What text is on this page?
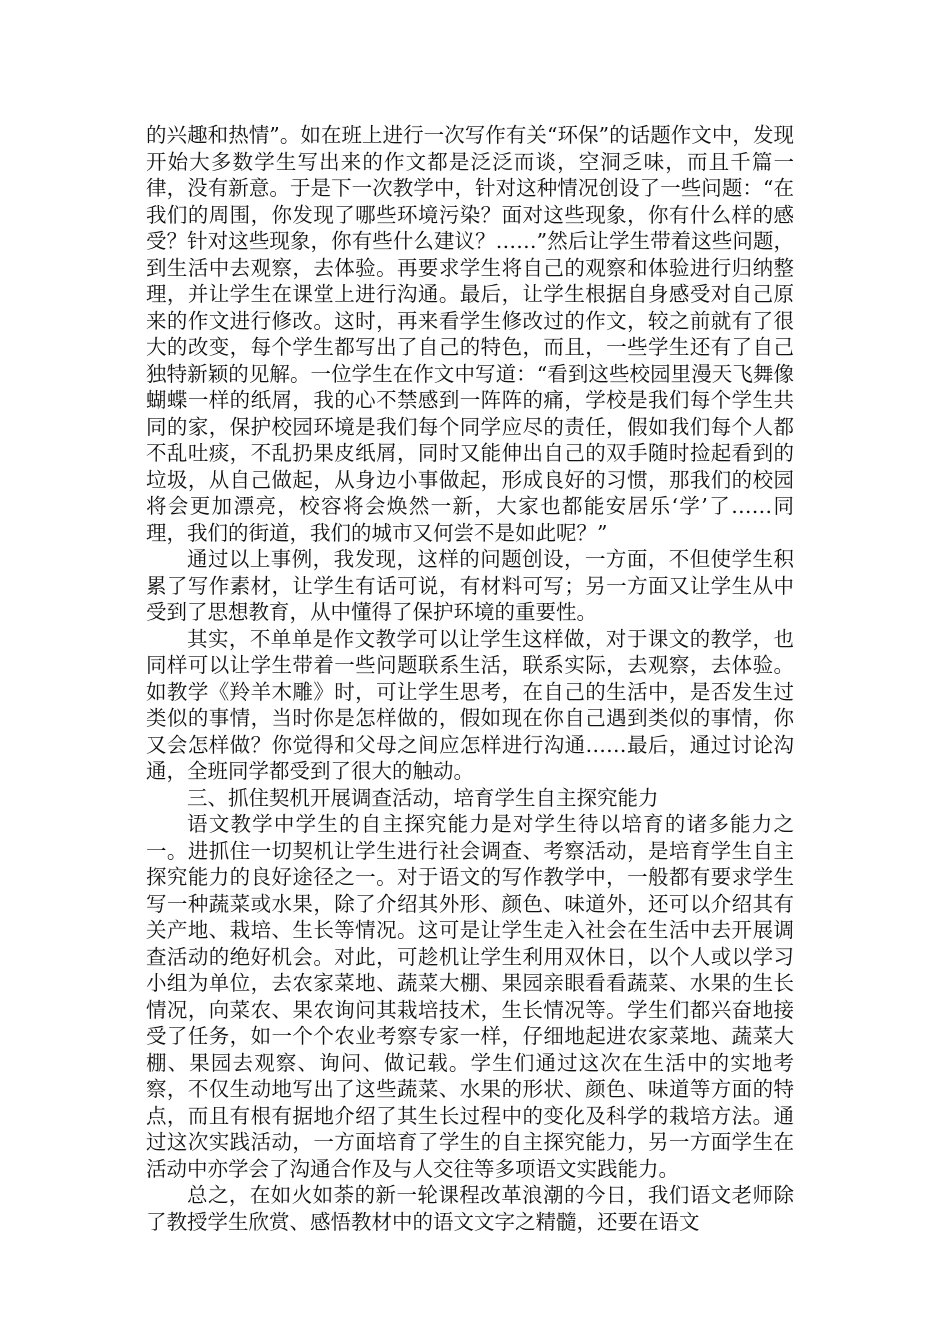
的兴趣和热情”。如在班上进行一次写作有关“环保”的话题作文中，发现开始大多数学生写出来的作文都是泛泛而谈，空洞乏味，而且千篇一律，没有新意。于是下一次教学中，针对这种情况创设了一些问题：“在我们的周围，你发现了哪些环境污染？面对这些现象，你有什么样的感受？针对这些现象，你有些什么建议？……”然后让学生带着这些问题，到生活中去观察，去体验。再要求学生将自己的观察和体验进行归纳整理，并让学生在课堂上进行沟通。最后，让学生根据自身感受对自己原来的作文进行修改。这时，再来看学生修改过的作文，较之前就有了很大的改变，每个学生都写出了自己的特色，而且，一些学生还有了自己独特新颖的见解。一位学生在作文中写道：“看到这些校园里漫天飞舞像蝴蝶一样的纸屑，我的心不禁感到一阵阵的痛，学校是我们每个学生共同的家，保护校园环境是我们每个同学应尽的责任，假如我们每个人都不乱吐痰，不乱扔果皮纸屑，同时又能伸出自己的双手随时捡起看到的垃圾，从自己做起，从身边小事做起，形成良好的习惯，那我们的校园将会更加漂亮，校容将会焕然一新，大家也都能安居乐‘学’了……同理，我们的街道，我们的城市又何尝不是如此呢？”

通过以上事例，我发现，这样的问题创设，一方面，不但使学生积累了写作素材，让学生有话可说，有材料可写；另一方面又让学生从中受到了思想教育，从中懂得了保护环境的重要性。

其实，不单单是作文教学可以让学生这样做，对于课文的教学，也同样可以让学生带着一些问题联系生活，联系实际，去观察，去体验。如教学《羚羊木雕》时，可让学生思考，在自己的生活中，是否发生过类似的事情，当时你是怎样做的，假如现在你自己遇到类似的事情，你又会怎样做？你觉得和父母之间应怎样进行沟通……最后，通过讨论沟通，全班同学都受到了很大的触动。

三、抓住契机开展调查活动，培育学生自主探究能力

语文教学中学生的自主探究能力是对学生待以培育的诸多能力之一。进抓住一切契机让学生进行社会调查、考察活动，是培育学生自主探究能力的良好途径之一。对于语文的写作教学中，一般都有要求学生写一种蔬菜或水果，除了介绍其外形、颜色、味道外，还可以介绍其有关产地、栽培、生长等情况。这可是让学生走入社会在生活中去开展调查活动的绝好机会。对此，可趁机让学生利用双休日，以个人或以学习小组为单位，去农家菜地、蔬菜大棚、果园亲眼看看蔬菜、水果的生长情况，向菜农、果农询问其栽培技术，生长情况等。学生们都兴奋地接受了任务，如一个个农业考察专家一样，仔细地起进农家菜地、蔬菜大棚、果园去观察、询问、做记载。学生们通过这次在生活中的实地考察，不仅生动地写出了这些蔬菜、水果的形状、颜色、味道等方面的特点，而且有根有据地介绍了其生长过程中的变化及科学的栽培方法。通过这次实践活动，一方面培育了学生的自主探究能力，另一方面学生在活动中亦学会了沟通合作及与人交往等多项语文实践能力。

总之，在如火如荼的新一轮课程改革浪潮的今日，我们语文老师除了教授学生欣赏、感悟教材中的语文文字之精髓，还要在语文
